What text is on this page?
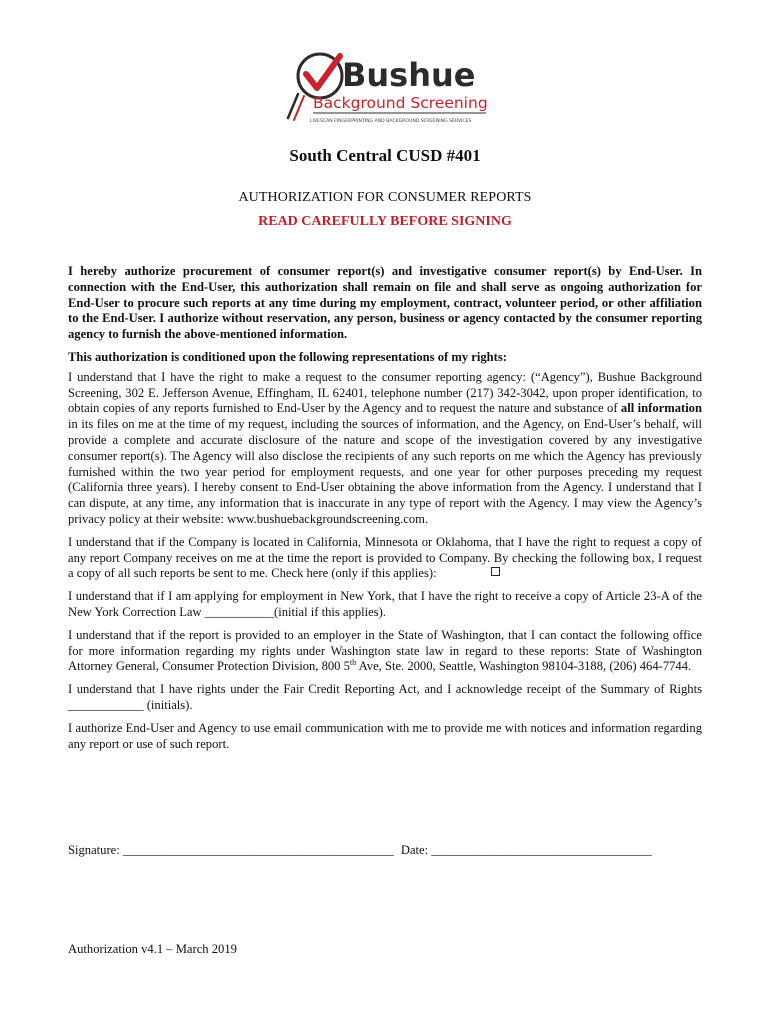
Bushue
Background Screening
LIVESCAN FINGERPRINTING AND BACKGROUND SCREENING SERVICES
South Central CUSD #401
AUTHORIZATION FOR CONSUMER REPORTS
READ CAREFULLY BEFORE SIGNING

I hereby authorize procurement of consumer report(s) and investigative consumer report(s) by End-User. In connection with the End-User, this authorization shall remain on file and shall serve as ongoing authorization for End-User to procure such reports at any time during my employment, contract, volunteer period, or other affiliation to the End-User. I authorize without reservation, any person, business or agency contacted by the consumer reporting agency to furnish the above-mentioned information.

This authorization is conditioned upon the following representations of my rights:

I understand that I have the right to make a request to the consumer reporting agency: (“Agency”), Bushue Background Screening, 302 E. Jefferson Avenue, Effingham, IL 62401, telephone number (217) 342-3042, upon proper identification, to obtain copies of any reports furnished to End-User by the Agency and to request the nature and substance of all information in its files on me at the time of my request, including the sources of information, and the Agency, on End-User’s behalf, will provide a complete and accurate disclosure of the nature and scope of the investigation covered by any investigative consumer report(s). The Agency will also disclose the recipients of any such reports on me which the Agency has previously furnished within the two year period for employment requests, and one year for other purposes preceding my request (California three years). I hereby consent to End-User obtaining the above information from the Agency. I understand that I can dispute, at any time, any information that is inaccurate in any type of report with the Agency. I may view the Agency’s privacy policy at their website: www.bushuebackgroundscreening.com.

I understand that if the Company is located in California, Minnesota or Oklahoma, that I have the right to request a copy of any report Company receives on me at the time the report is provided to Company. By checking the following box, I request a copy of all such reports be sent to me. Check here (only if this applies):

I understand that if I am applying for employment in New York, that I have the right to receive a copy of Article 23-A of the New York Correction Law ___________(initial if this applies).

I understand that if the report is provided to an employer in the State of Washington, that I can contact the following office for more information regarding my rights under Washington state law in regard to these reports: State of Washington Attorney General, Consumer Protection Division, 800 5th Ave, Ste. 2000, Seattle, Washington 98104-3188, (206) 464-7744.

I understand that I have rights under the Fair Credit Reporting Act, and I acknowledge receipt of the Summary of Rights ____________ (initials).

I authorize End-User and Agency to use email communication with me to provide me with notices and information regarding any report or use of such report.

Signature: ___________________________________________ Date: ___________________________________
Authorization v4.1 – March 2019
